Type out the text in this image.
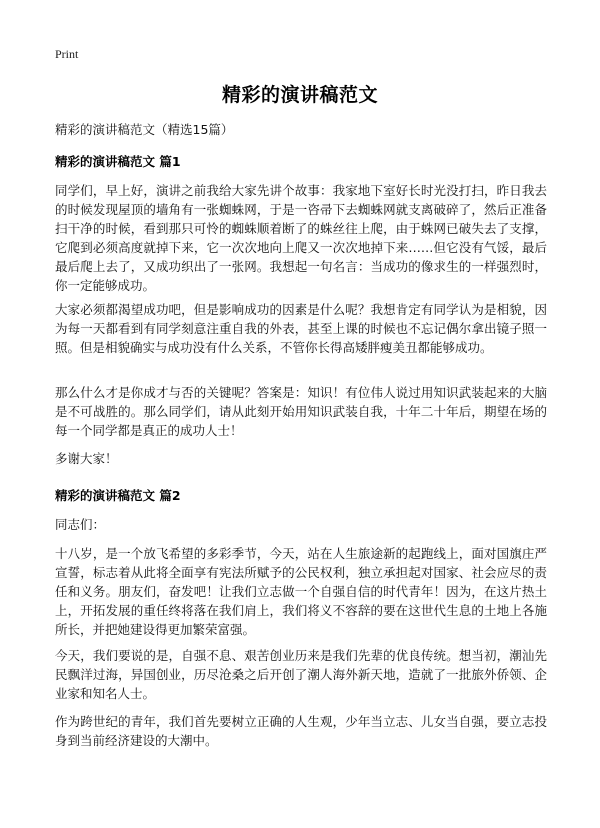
Print
精彩的演讲稿范文
精彩的演讲稿范文（精选15篇）
精彩的演讲稿范文 篇1
同学们，早上好，演讲之前我给大家先讲个故事：我家地下室好长时光没打扫，昨日我去的时候发现屋顶的墙角有一张蜘蛛网，于是一咨帚下去蜘蛛网就支离破碎了，然后正准备扫干净的时候，看到那只可怜的蜘蛛顺着断了的蛛丝往上爬，由于蛛网已破失去了支撑，它爬到必须高度就掉下来，它一次次地向上爬又一次次地掉下来……但它没有气馁，最后最后爬上去了，又成功织出了一张网。我想起一句名言：当成功的像求生的一样强烈时，你一定能够成功。
大家必须都渴望成功吧，但是影响成功的因素是什么呢？我想肯定有同学认为是相貌，因为每一天都看到有同学刻意注重自我的外表，甚至上课的时候也不忘记偶尔拿出镜子照一照。但是相貌确实与成功没有什么关系，不管你长得高矮胖瘦美丑都能够成功。
那么什么才是你成才与否的关键呢？答案是：知识！有位伟人说过用知识武装起来的大脑是不可战胜的。那么同学们，请从此刻开始用知识武装自我，十年二十年后，期望在场的每一个同学都是真正的成功人士！
多谢大家！
精彩的演讲稿范文 篇2
同志们：
十八岁，是一个放飞希望的多彩季节，今天，站在人生旅途新的起跑线上，面对国旗庄严宣誓，标志着从此将全面享有宪法所赋予的公民权利，独立承担起对国家、社会应尽的责任和义务。朋友们，奋发吧！让我们立志做一个自强自信的时代青年！因为，在这片热土上，开拓发展的重任终将落在我们肩上，我们将义不容辞的要在这世代生息的土地上各施所长，并把她建设得更加繁荣富强。
今天，我们要说的是，自强不息、艰苦创业历来是我们先辈的优良传统。想当初，潮汕先民飘洋过海，异国创业，历尽沧桑之后开创了潮人海外新天地，造就了一批旅外侨领、企业家和知名人士。
作为跨世纪的青年，我们首先要树立正确的人生观，少年当立志、儿女当自强，要立志投身到当前经济建设的大潮中。
